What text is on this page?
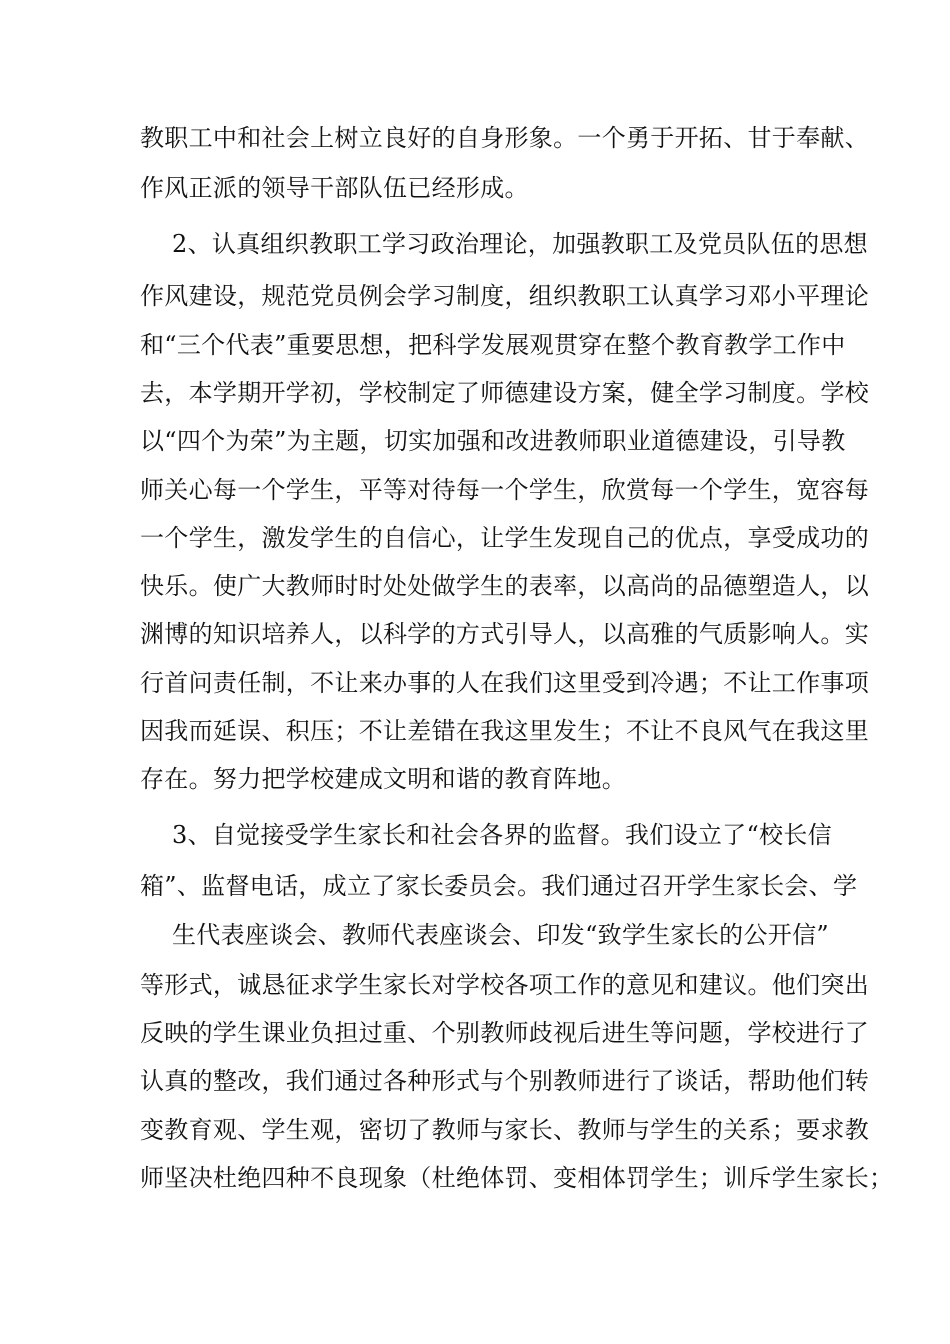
教职工中和社会上树立良好的自身形象。一个勇于开拓、甘于奉献、
作风正派的领导干部队伍已经形成。
2、认真组织教职工学习政治理论，加强教职工及党员队伍的思想
作风建设，规范党员例会学习制度，组织教职工认真学习邓小平理论
和“三个代表”重要思想，把科学发展观贯穿在整个教育教学工作中
去，本学期开学初，学校制定了师德建设方案，健全学习制度。学校
以“四个为荣”为主题，切实加强和改进教师职业道德建设，引导教
师关心每一个学生，平等对待每一个学生，欣赏每一个学生，宽容每
一个学生，激发学生的自信心，让学生发现自己的优点，享受成功的
快乐。使广大教师时时处处做学生的表率，以高尚的品德塑造人，以
渊博的知识培养人，以科学的方式引导人，以高雅的气质影响人。实
行首问责任制，不让来办事的人在我们这里受到冷遇；不让工作事项
因我而延误、积压；不让差错在我这里发生；不让不良风气在我这里
存在。努力把学校建成文明和谐的教育阵地。
3、自觉接受学生家长和社会各界的监督。我们设立了“校长信
箱”、监督电话，成立了家长委员会。我们通过召开学生家长会、学
生代表座谈会、教师代表座谈会、印发“致学生家长的公开信”
等形式，诚恳征求学生家长对学校各项工作的意见和建议。他们突出
反映的学生课业负担过重、个别教师歧视后进生等问题，学校进行了
认真的整改，我们通过各种形式与个别教师进行了谈话，帮助他们转
变教育观、学生观，密切了教师与家长、教师与学生的关系；要求教
师坚决杜绝四种不良现象（杜绝体罚、变相体罚学生；训斥学生家长；
